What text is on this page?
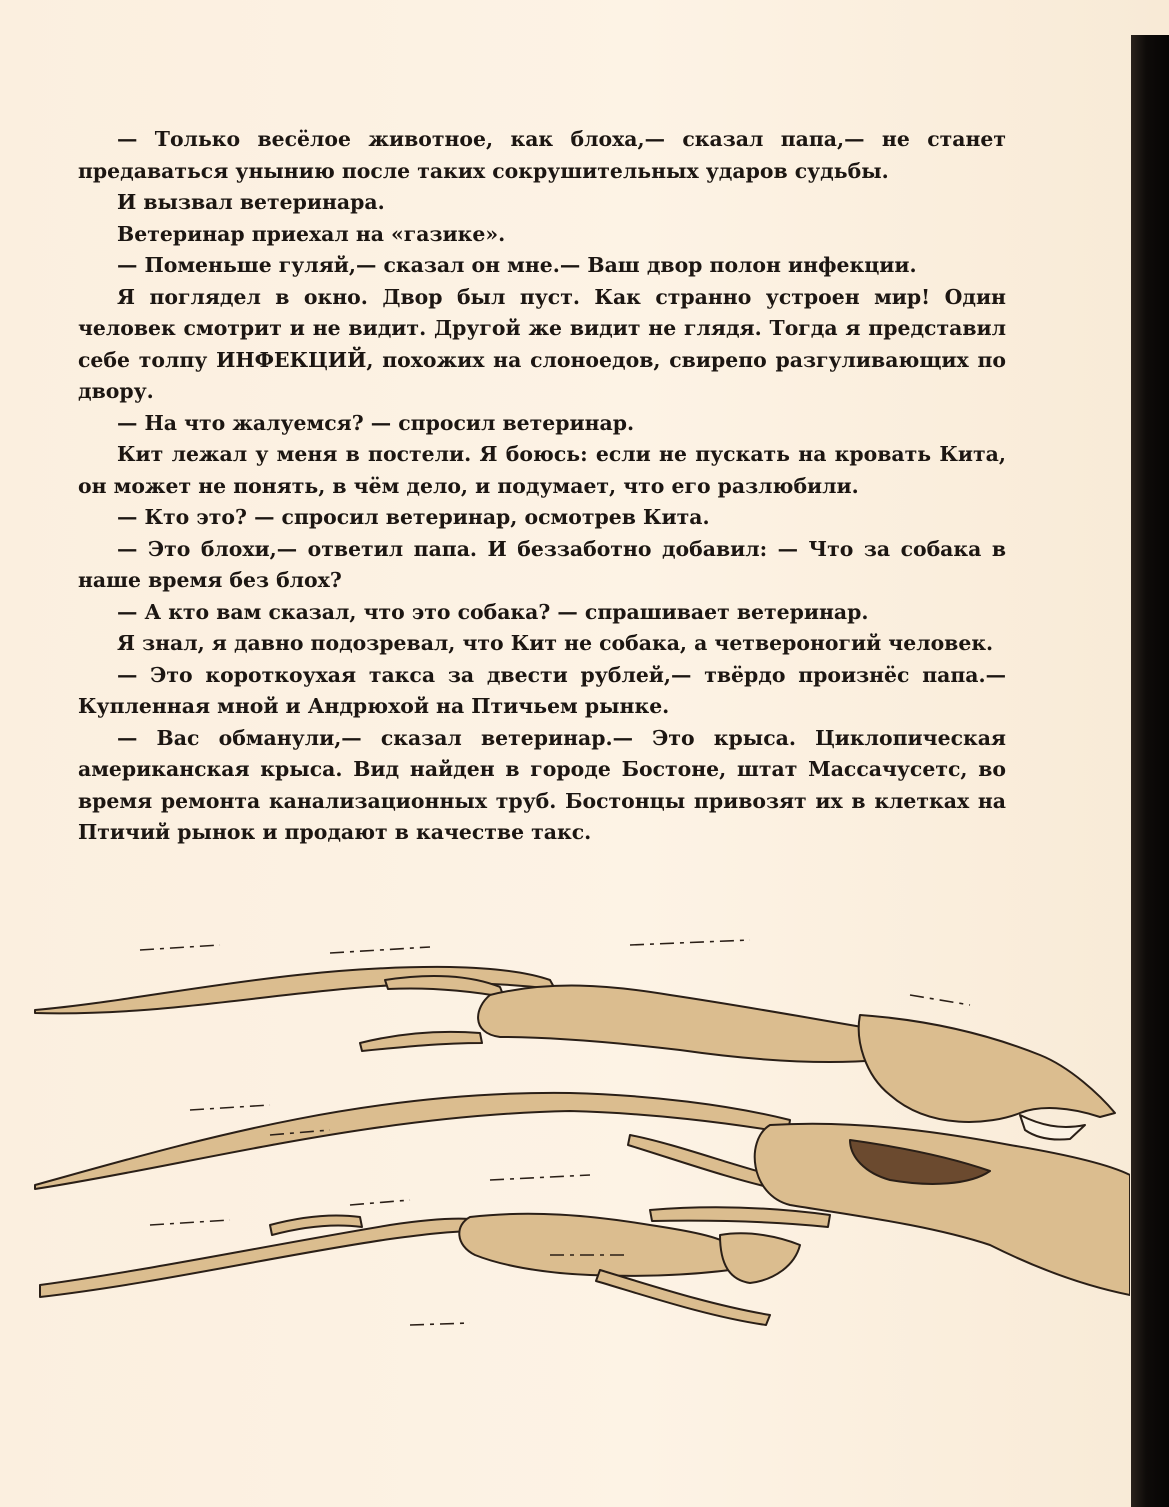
— Только весёлое животное, как блоха,— сказал папа,— не станет предаваться унынию после таких сокрушительных ударов судьбы.

И вызвал ветеринара.

Ветеринар приехал на «газике».

— Поменьше гуляй,— сказал он мне.— Ваш двор полон инфекции.

Я поглядел в окно. Двор был пуст. Как странно устроен мир! Один человек смотрит и не видит. Другой же видит не глядя. Тогда я представил себе толпу ИНФЕКЦИЙ, похожих на слоноедов, свирепо разгуливающих по двору.

— На что жалуемся? — спросил ветеринар.

Кит лежал у меня в постели. Я боюсь: если не пускать на кровать Кита, он может не понять, в чём дело, и подумает, что его разлюбили.

— Кто это? — спросил ветеринар, осмотрев Кита.

— Это блохи,— ответил папа. И беззаботно добавил: — Что за собака в наше время без блох?

— А кто вам сказал, что это собака? — спрашивает ветеринар.

Я знал, я давно подозревал, что Кит не собака, а четвероногий человек.

— Это короткоухая такса за двести рублей,— твёрдо произнёс папа.— Купленная мной и Андрюхой на Птичьем рынке.

— Вас обманули,— сказал ветеринар.— Это крыса. Циклопическая американская крыса. Вид найден в городе Бостоне, штат Массачусетс, во время ремонта канализационных труб. Бостонцы привозят их в клетках на Птичий рынок и продают в качестве такс.
